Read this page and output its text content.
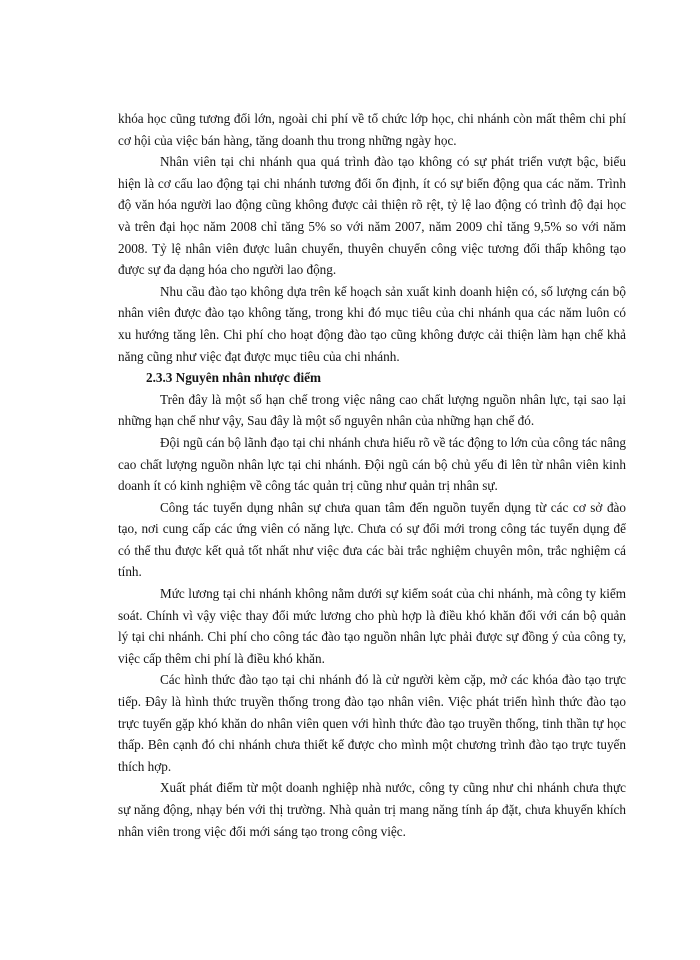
khóa học cũng tương đối lớn, ngoài chi phí về tổ chức lớp học, chi nhánh còn mất thêm chi phí cơ hội của việc bán hàng, tăng doanh thu trong những ngày học.

Nhân viên tại chi nhánh qua quá trình đào tạo không có sự phát triển vượt bậc, biểu hiện là cơ cấu lao động tại chi nhánh tương đối ổn định, ít có sự biến động qua các năm. Trình độ văn hóa người lao động cũng không được cải thiện rõ rệt, tỷ lệ lao động có trình độ đại học và trên đại học năm 2008 chỉ tăng 5% so với năm 2007, năm 2009 chỉ tăng 9,5% so với năm 2008. Tỷ lệ nhân viên được luân chuyển, thuyên chuyển công việc tương đối thấp không tạo được sự đa dạng hóa cho người lao động.

Nhu cầu đào tạo không dựa trên kế hoạch sản xuất kinh doanh hiện có, số lượng cán bộ nhân viên được đào tạo không tăng, trong khi đó mục tiêu của chi nhánh qua các năm luôn có xu hướng tăng lên. Chi phí cho hoạt động đào tạo cũng không được cải thiện làm hạn chế khả năng cũng như việc đạt được mục tiêu của chi nhánh.

2.3.3 Nguyên nhân nhược điểm

Trên đây là một số hạn chế trong việc nâng cao chất lượng nguồn nhân lực, tại sao lại những hạn chế như vậy, Sau đây là một số nguyên nhân của những hạn chế đó.

Đội ngũ cán bộ lãnh đạo tại chi nhánh chưa hiểu rõ về tác động to lớn của công tác nâng cao chất lượng nguồn nhân lực tại chi nhánh. Đội ngũ cán bộ chủ yếu đi lên từ nhân viên kinh doanh ít có kinh nghiệm về công tác quản trị cũng như quản trị nhân sự.

Công tác tuyển dụng nhân sự chưa quan tâm đến nguồn tuyển dụng từ các cơ sở đào tạo, nơi cung cấp các ứng viên có năng lực. Chưa có sự đổi mới trong công tác tuyển dụng để có thể thu được kết quả tốt nhất như việc đưa các bài trắc nghiệm chuyên môn, trắc nghiệm cá tính.

Mức lương tại chi nhánh không nằm dưới sự kiểm soát của chi nhánh, mà công ty kiểm soát. Chính vì vậy việc thay đổi mức lương cho phù hợp là điều khó khăn đối với cán bộ quản lý tại chi nhánh. Chi phí cho công tác đào tạo nguồn nhân lực phải được sự đồng ý của công ty, việc cấp thêm chi phí là điều khó khăn.

Các hình thức đào tạo tại chi nhánh đó là cử người kèm cặp, mở các khóa đào tạo trực tiếp. Đây là hình thức truyền thống trong đào tạo nhân viên. Việc phát triển hình thức đào tạo trực tuyến gặp khó khăn do nhân viên quen với hình thức đào tạo truyền thống, tinh thần tự học thấp. Bên cạnh đó chi nhánh chưa thiết kế được cho mình một chương trình đào tạo trực tuyến thích hợp.

Xuất phát điểm từ một doanh nghiệp nhà nước, công ty cũng như chi nhánh chưa thực sự năng động, nhạy bén với thị trường. Nhà quản trị mang năng tính áp đặt, chưa khuyến khích nhân viên trong việc đổi mới sáng tạo trong công việc.
